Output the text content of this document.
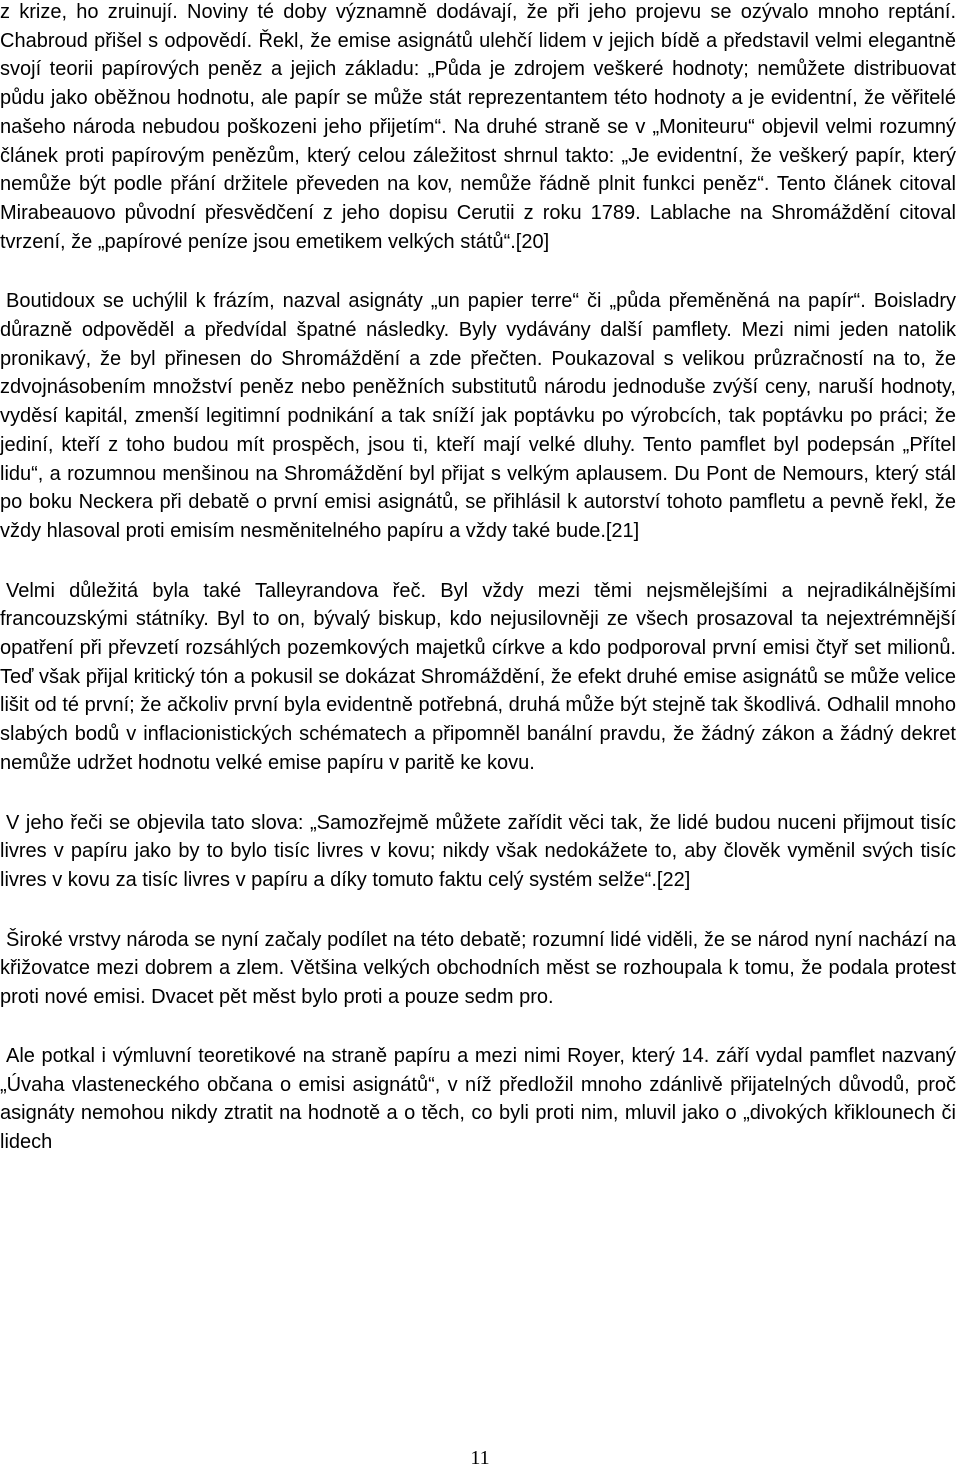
z krize, ho zruinují. Noviny té doby významně dodávají, že při jeho projevu se ozývalo mnoho reptání. Chabroud přišel s odpovědí. Řekl, že emise asignátů ulehčí lidem v jejich bídě a představil velmi elegantně svojí teorii papírových peněz a jejich základu: „Půda je zdrojem veškeré hodnoty; nemůžete distribuovat půdu jako oběžnou hodnotu, ale papír se může stát reprezentantem této hodnoty a je evidentní, že věřitelé našeho národa nebudou poškozeni jeho přijetím“. Na druhé straně se v „Moniteuru“ objevil velmi rozumný článek proti papírovým penězům, který celou záležitost shrnul takto: „Je evidentní, že veškerý papír, který nemůže být podle přání držitele převeden na kov, nemůže řádně plnit funkci peněz“. Tento článek citoval Mirabeauovo původní přesvědčení z jeho dopisu Cerutii z roku 1789. Lablache na Shromáždění citoval tvrzení, že „papírové peníze jsou emetikem velkých států“.[20]

Boutidoux se uchýlil k frázím, nazval asignáty „un papier terre“ či „půda přeměněná na papír“. Boisladry důrazně odpověděl a předvídal špatné následky. Byly vydávány další pamflety. Mezi nimi jeden natolik pronikavý, že byl přinesen do Shromáždění a zde přečten. Poukazoval s velikou průzračností na to, že zdvojnásobením množství peněz nebo peněžních substitutů národu jednoduše zvýší ceny, naruší hodnoty, vyděsí kapitál, zmenší legitimní podnikání a tak sníží jak poptávku po výrobcích, tak poptávku po práci; že jediní, kteří z toho budou mít prospěch, jsou ti, kteří mají velké dluhy. Tento pamflet byl podepsán „Přítel lidu“, a rozumnou menšinou na Shromáždění byl přijat s velkým aplausem. Du Pont de Nemours, který stál po boku Neckera při debatě o první emisi asignátů, se přihlásil k autorství tohoto pamfletu a pevně řekl, že vždy hlasoval proti emisím nesměnitelného papíru a vždy také bude.[21]

Velmi důležitá byla také Talleyrandova řeč. Byl vždy mezi těmi nejsmělejšími a nejradikálnějšími francouzskými státníky. Byl to on, bývalý biskup, kdo nejusilovněji ze všech prosazoval ta nejextrémnější opatření při převzetí rozsáhlých pozemkových majetků církve a kdo podporoval první emisi čtyř set milionů. Teď však přijal kritický tón a pokusil se dokázat Shromáždění, že efekt druhé emise asignátů se může velice lišit od té první; že ačkoliv první byla evidentně potřebná, druhá může být stejně tak škodlivá. Odhalil mnoho slabých bodů v inflacionistických schématech a připomněl banální pravdu, že žádný zákon a žádný dekret nemůže udržet hodnotu velké emise papíru v paritě ke kovu.

V jeho řeči se objevila tato slova: „Samozřejmě můžete zařídit věci tak, že lidé budou nuceni přijmout tisíc livres v papíru jako by to bylo tisíc livres v kovu; nikdy však nedokážete to, aby člověk vyměnil svých tisíc livres v kovu za tisíc livres v papíru a díky tomuto faktu celý systém selže“.[22]

Široké vrstvy národa se nyní začaly podílet na této debatě; rozumní lidé viděli, že se národ nyní nachází na křižovatce mezi dobrem a zlem. Většina velkých obchodních měst se rozhoupala k tomu, že podala protest proti nové emisi. Dvacet pět měst bylo proti a pouze sedm pro.

Ale potkal i výmluvní teoretikové na straně papíru a mezi nimi Royer, který 14. září vydal pamflet nazvaný „Úvaha vlasteneckého občana o emisi asignátů“, v níž předložil mnoho zdánlivě přijatelných důvodů, proč asignáty nemohou nikdy ztratit na hodnotě a o těch, co byli proti nim, mluvil jako o „divokých křiklounech či lidech

11
